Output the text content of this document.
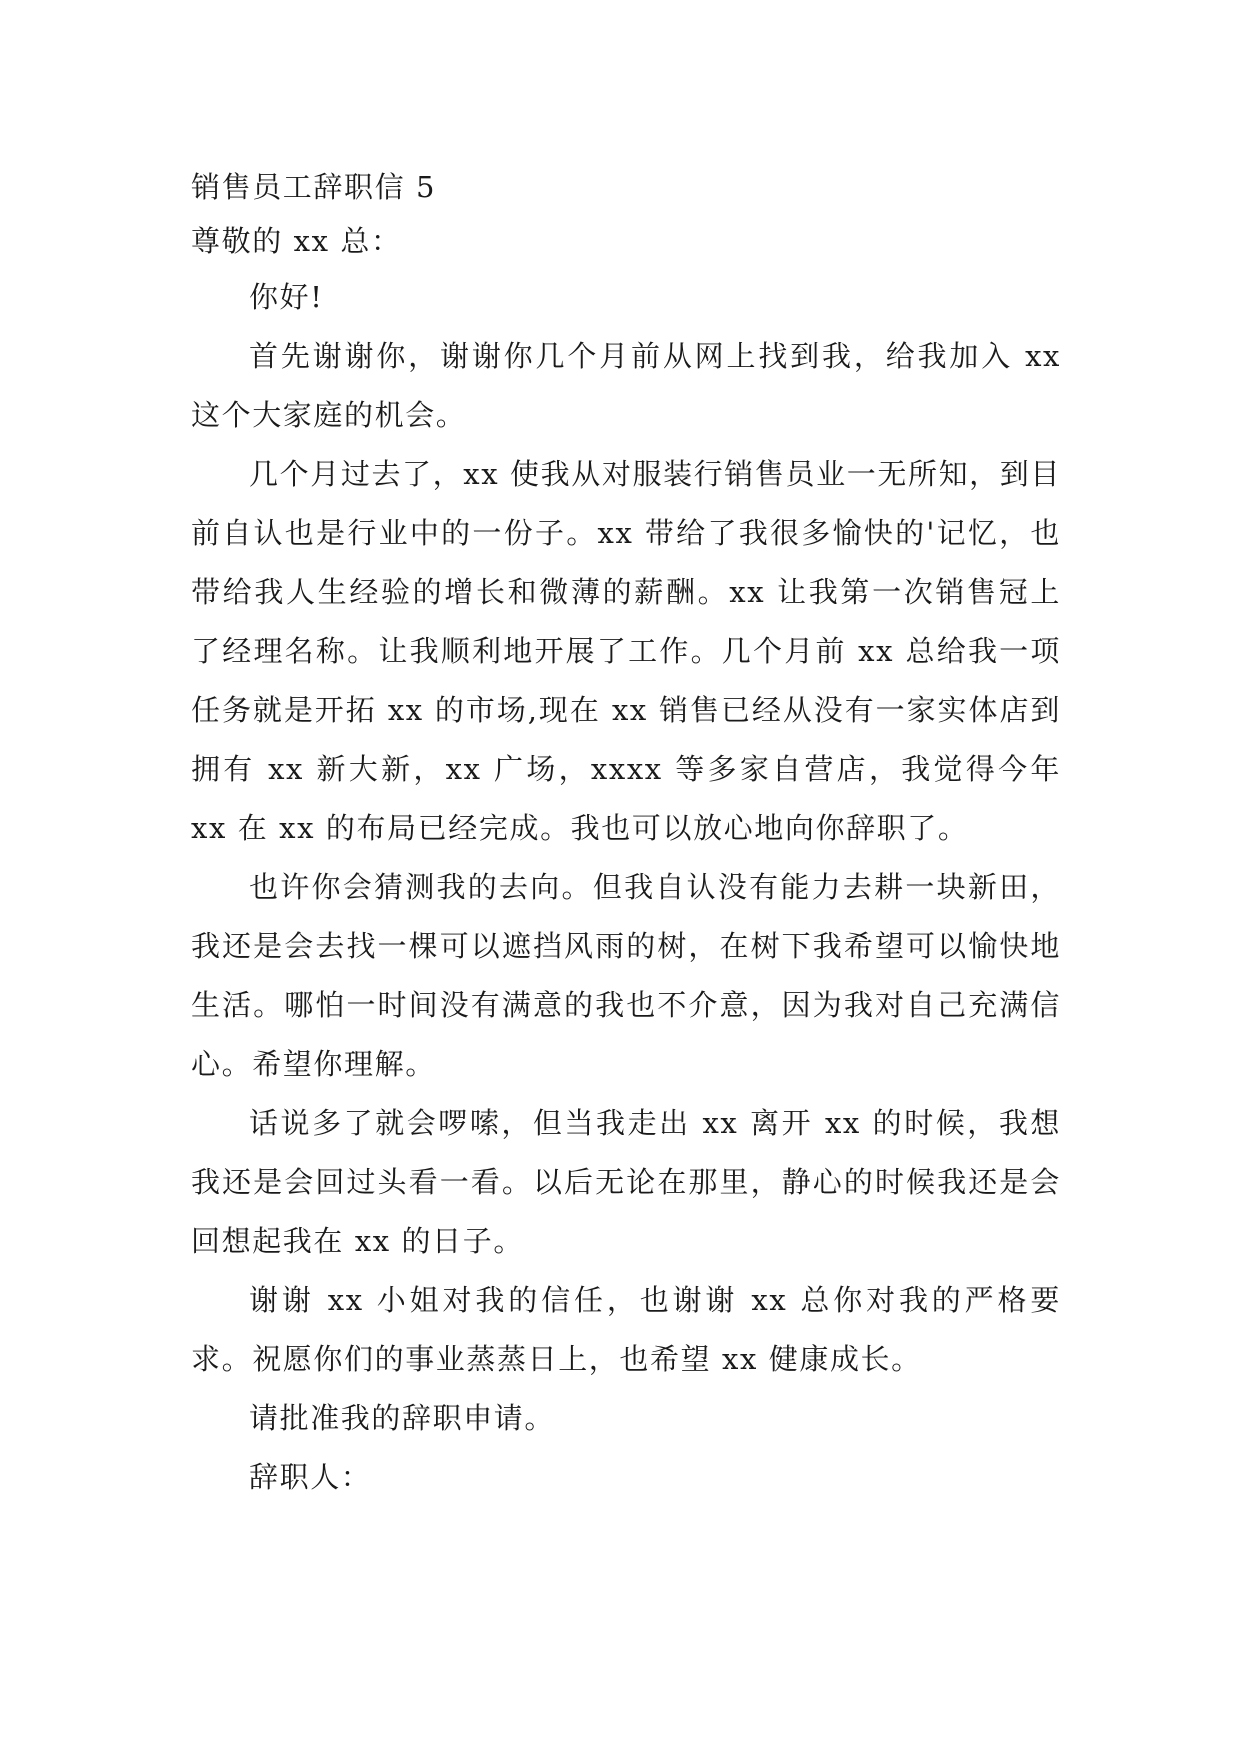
销售员工辞职信 5
尊敬的 xx 总：

你好!

首先谢谢你，谢谢你几个月前从网上找到我，给我加入 xx 这个大家庭的机会。

几个月过去了，xx 使我从对服装行销售员业一无所知，到目前自认也是行业中的一份子。xx 带给了我很多愉快的'记忆，也带给我人生经验的增长和微薄的薪酬。xx 让我第一次销售冠上了经理名称。让我顺利地开展了工作。几个月前 xx 总给我一项任务就是开拓 xx 的市场,现在 xx 销售已经从没有一家实体店到拥有 xx 新大新，xx 广场，xxxx 等多家自营店，我觉得今年 xx 在 xx 的布局已经完成。我也可以放心地向你辞职了。

也许你会猜测我的去向。但我自认没有能力去耕一块新田，我还是会去找一棵可以遮挡风雨的树，在树下我希望可以愉快地生活。哪怕一时间没有满意的我也不介意，因为我对自己充满信心。希望你理解。

话说多了就会啰嗦，但当我走出 xx 离开 xx 的时候，我想我还是会回过头看一看。以后无论在那里，静心的时候我还是会回想起我在 xx 的日子。

谢谢 xx 小姐对我的信任，也谢谢 xx 总你对我的严格要求。祝愿你们的事业蒸蒸日上，也希望 xx 健康成长。

请批准我的辞职申请。

辞职人：
